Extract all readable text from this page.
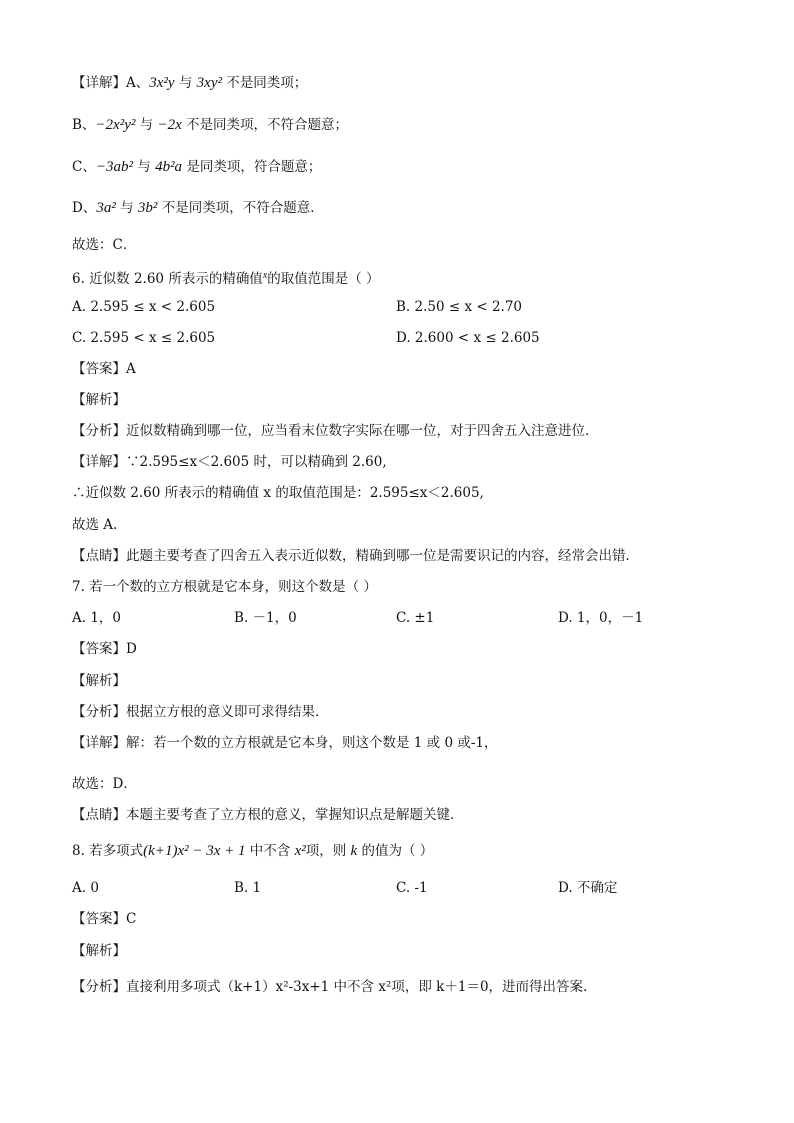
【详解】A、3x²y 与 3xy² 不是同类项；
B、−2x²y² 与 −2x 不是同类项，不符合题意；
C、−3ab² 与 4b²a 是同类项，符合题意；
D、3a² 与 3b² 不是同类项，不符合题意．
故选：C．
6. 近似数 2.60 所表示的精确值$^x$的取值范围是（ ）
A. 2.595 ≤ x < 2.605	B. 2.50 ≤ x < 2.70
C. 2.595 < x ≤ 2.605	D. 2.600 < x ≤ 2.605
【答案】A
【解析】
【分析】近似数精确到哪一位，应当看末位数字实际在哪一位，对于四舍五入注意进位．
【详解】∵2.595≤x＜2.605 时，可以精确到 2.60,
∴近似数 2.60 所表示的精确值 x 的取值范围是：2.595≤x＜2.605,
故选 A.
【点睛】此题主要考查了四舍五入表示近似数，精确到哪一位是需要识记的内容，经常会出错．
7. 若一个数的立方根就是它本身，则这个数是（ ）
A. 1，0	B. －1，0	C. ±1	D. 1，0，－1
【答案】D
【解析】
【分析】根据立方根的意义即可求得结果．
【详解】解：若一个数的立方根就是它本身，则这个数是 1 或 0 或-1，
故选：D．
【点睛】本题主要考查了立方根的意义，掌握知识点是解题关键．
8. 若多项式(k+1)x² − 3x + 1 中不含 x²项，则 k 的值为（ ）
A. 0	B. 1	C. -1	D. 不确定
【答案】C
【解析】
【分析】直接利用多项式（k+1）x²-3x+1 中不含 x²项，即 k＋1＝0，进而得出答案.
